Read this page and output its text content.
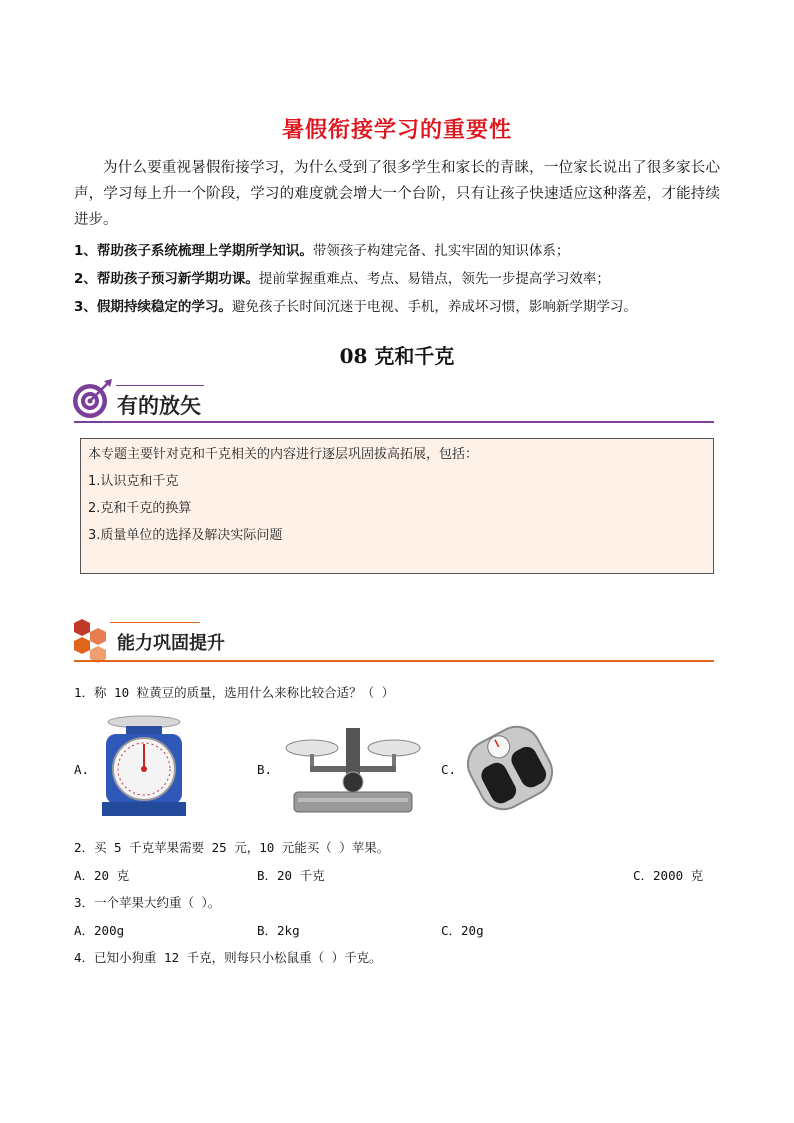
暑假衔接学习的重要性
为什么要重视暑假衔接学习，为什么受到了很多学生和家长的青睐，一位家长说出了很多家长心声，学习每上升一个阶段，学习的难度就会增大一个台阶，只有让孩子快速适应这种落差，才能持续进步。
1、帮助孩子系统梳理上学期所学知识。带领孩子构建完备、扎实牢固的知识体系；
2、帮助孩子预习新学期功课。提前掌握重难点、考点、易错点，领先一步提高学习效率；
3、假期持续稳定的学习。避免孩子长时间沉迷于电视、手机，养成坏习惯，影响新学期学习。
08 克和千克
有的放矢
本专题主要针对克和千克相关的内容进行逐层巩固拔高拓展，包括：
1.认识克和千克
2.克和千克的换算
3.质量单位的选择及解决实际问题
能力巩固提升
1．称 10 粒黄豆的质量，选用什么来称比较合适？（ ）
A.	B.	C.
2．买 5 千克苹果需要 25 元，10 元能买（ ）苹果。
A．20 克	B．20 千克	C．2000 克
3．一个苹果大约重（ ）。
A．200g	B．2kg	C．20g
4．已知小狗重 12 千克，则每只小松鼠重（ ）千克。
